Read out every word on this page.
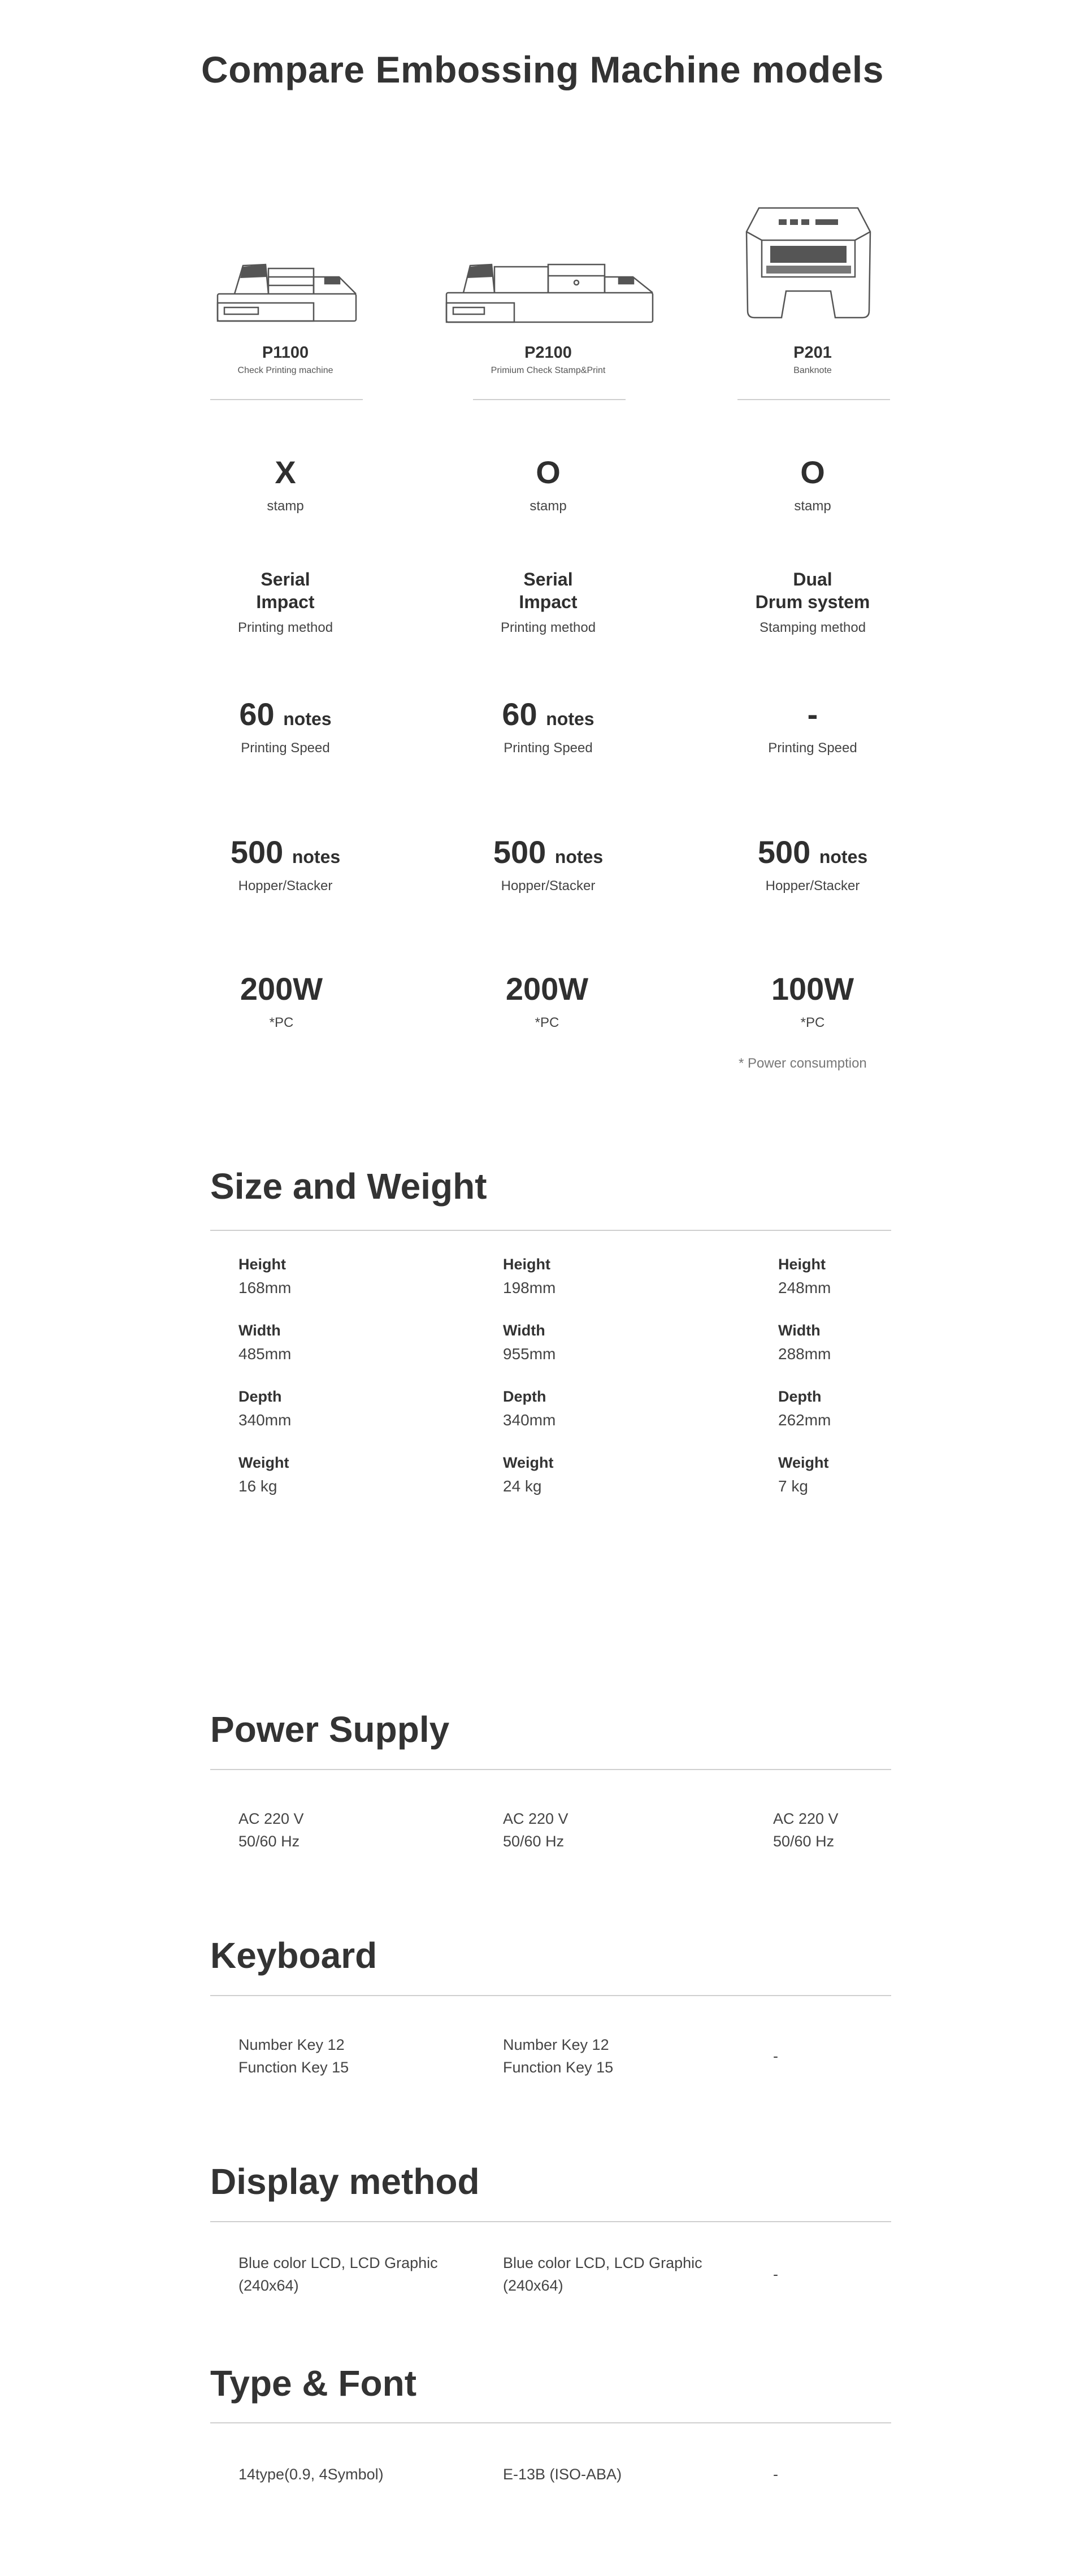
Compare Embossing Machine models
P1100
Check Printing machine
P2100
Primium Check Stamp&Print
P201
Banknote
X
stamp
O
stamp
O
stamp
Serial
Impact
Printing method
Serial
Impact
Printing method
Dual
Drum system
Stamping method
60 notes
Printing Speed
60 notes
Printing Speed
-
Printing Speed
500 notes
Hopper/Stacker
500 notes
Hopper/Stacker
500 notes
Hopper/Stacker
200W
*PC
200W
*PC
100W
*PC
* Power consumption
Size and Weight
Height
168mm
Width
485mm
Depth
340mm
Weight
16 kg
Height
198mm
Width
955mm
Depth
340mm
Weight
24 kg
Height
248mm
Width
288mm
Depth
262mm
Weight
7 kg
Power Supply
AC 220 V
50/60 Hz
AC 220 V
50/60 Hz
AC 220 V
50/60 Hz
Keyboard
Number Key 12
Function Key 15
Number Key 12
Function Key 15
-
Display method
Blue color LCD, LCD Graphic
(240x64)
Blue color LCD, LCD Graphic
(240x64)
-
Type & Font
14type(0.9, 4Symbol)	E-13B (ISO-ABA)	-
